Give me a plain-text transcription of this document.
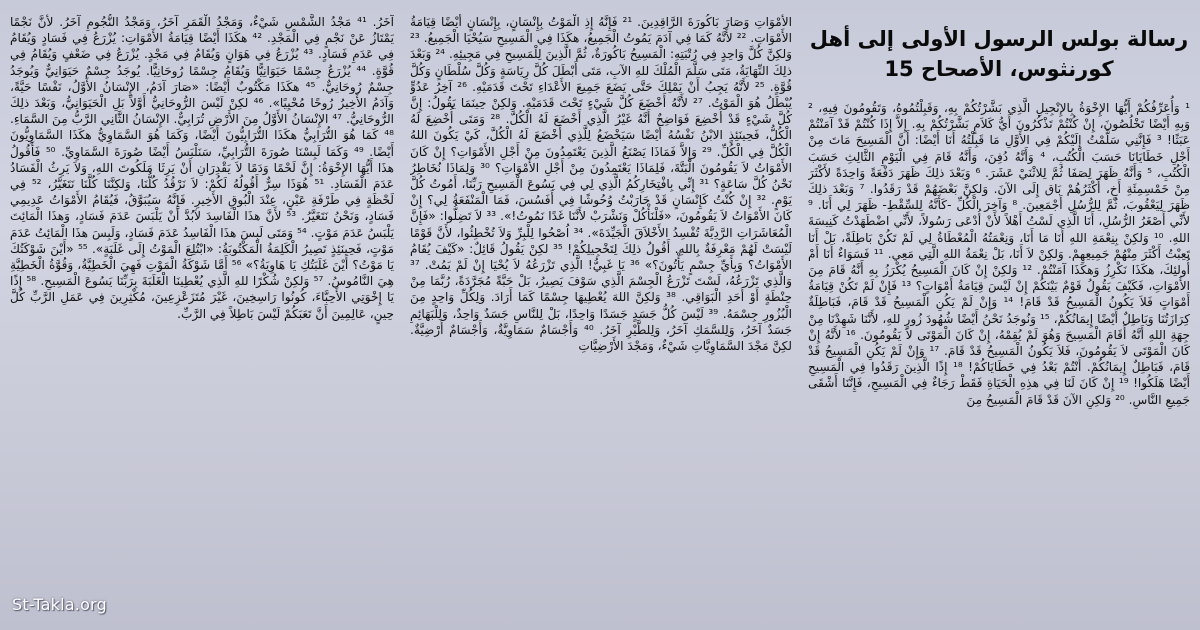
رسالة بولس الرسول الأولى إلى أهل كورنثوس، الأصحاح 15

¹ وَأُعَرِّفُكُمْ أَيُّهَا الإِخْوَةُ بِالإِنْجِيلِ الَّذِي بَشَّرْتُكُمْ بِهِ، وَقَبِلْتُمُوهُ، وَتَقُومُونَ فِيهِ، ² وَبِهِ أَيْضًا تَخْلُصُونَ، إِنْ كُنْتُمْ تَذْكُرُونَ أَيُّ كَلاَمٍ بَشَّرْتُكُمْ بِهِ. إِلاَّ إِذَا كُنْتُمْ قَدْ آمَنْتُمْ عَبَثًا! ³ فَإِنَّنِي سَلَّمْتُ إِلَيْكُمْ فِي الأَوَّلِ مَا قَبِلْتُهُ أَنَا أَيْضًا: أَنَّ الْمَسِيحَ مَاتَ مِنْ أَجْلِ خَطَايَانَا حَسَبَ الْكُتُبِ، ⁴ وَأَنَّهُ دُفِنَ، وَأَنَّهُ قَامَ فِي الْيَوْمِ الثَّالِثِ حَسَبَ الْكُتُبِ، ⁵ وَأَنَّهُ ظَهَرَ لِصَفَا ثُمَّ لِلاثْنَيْ عَشَرَ. ⁶ وَبَعْدَ ذلِكَ ظَهَرَ دَفْعَةً وَاحِدَةً لأَكْثَرَ مِنْ خَمْسِمِئَةِ أَخٍ، أَكْثَرُهُمْ بَاق إِلَى الآنَ. وَلكِنَّ بَعْضَهُمْ قَدْ رَقَدُوا. ⁷ وَبَعْدَ ذلِكَ ظَهَرَ لِيَعْقُوبَ، ثُمَّ لِلرُّسُلِ أَجْمَعِينَ. ⁸ وَآخِرَ الْكُلِّ -كَأَنَّهُ لِلسِّقْطِ- ظَهَرَ لِي أَنَا. ⁹ لأَنِّي أَصْغَرُ الرُّسُلِ، أَنَا الَّذِي لَسْتُ أَهْلاً لأَنْ أُدْعَى رَسُولاً، لأَنِّي اضْطَهَدْتُ كَنِيسَةَ اللهِ. ¹⁰ وَلكِنْ بِنِعْمَةِ اللهِ أَنَا مَا أَنَا، وَنِعْمَتُهُ الْمُعْطَاةُ لِي لَمْ تَكُنْ بَاطِلَةً، بَلْ أَنَا تَعِبْتُ أَكْثَرَ مِنْهُمْ جَمِيعِهِمْ. وَلكِنْ لاَ أَنَا، بَلْ نِعْمَةُ اللهِ الَّتِي مَعِي. ¹¹ فَسَوَاءٌ أَنَا أَمْ أُولئِكَ، هكَذَا نَكْرِزُ وَهكَذَا آمَنْتُمْ. ¹² وَلكِنْ إِنْ كَانَ الْمَسِيحُ يُكْرَزُ بِهِ أَنَّهُ قَامَ مِنَ الأَمْوَاتِ، فَكَيْفَ يَقُولُ قَوْمٌ بَيْنَكُمْ إِنْ لَيْسَ قِيَامَةُ أَمْوَاتٍ؟ ¹³ فَإِنْ لَمْ تَكُنْ قِيَامَةُ أَمْوَاتٍ فَلاَ يَكُونُ الْمَسِيحُ قَدْ قَامَ! ¹⁴ وَإِنْ لَمْ يَكُنِ الْمَسِيحُ قَدْ قَامَ، فَبَاطِلَةٌ كِرَازَتُنَا وَبَاطِلٌ أَيْضًا إِيمَانُكُمْ، ¹⁵ وَنُوجَدُ نَحْنُ أَيْضًا شُهُودَ زُورٍ للهِ، لأَنَّنَا شَهِدْنَا مِنْ جِهَةِ اللهِ أَنَّهُ أَقَامَ الْمَسِيحَ وَهُوَ لَمْ يُقِمْهُ، إِنْ كَانَ الْمَوْتَى لاَ يَقُومُونَ. ¹⁶ لأَنَّهُ إِنْ كَانَ الْمَوْتَى لاَ يَقُومُونَ، فَلاَ يَكُونُ الْمَسِيحُ قَدْ قَامَ. ¹⁷ وَإِنْ لَمْ يَكُنِ الْمَسِيحُ قَدْ قَامَ، فَبَاطِلٌ إِيمَانُكُمْ. أَنْتُمْ بَعْدُ فِي خَطَايَاكُمْ! ¹⁸ إِذًا الَّذِينَ رَقَدُوا فِي الْمَسِيحِ أَيْضًا هَلَكُوا! ¹⁹ إِنْ كَانَ لَنَا فِي هذِهِ الْحَيَاةِ فَقَطْ رَجَاءٌ فِي الْمَسِيحِ، فَإِنَّنَا أَشْقَى جَمِيعِ النَّاسِ. ²⁰ وَلكِنِ الآنَ قَدْ قَامَ الْمَسِيحُ مِنَ

الأَمْوَاتِ وَصَارَ بَاكُورَةَ الرَّاقِدِينَ. ²¹ فَإِنَّهُ إِذِ الْمَوْتُ بِإِنْسَانٍ، بِإِنْسَانٍ أَيْضًا قِيَامَةُ الأَمْوَاتِ. ²² لأَنَّهُ كَمَا فِي آدَمَ يَمُوتُ الْجَمِيعُ، هكَذَا فِي الْمَسِيحِ سَيُحْيَا الْجَمِيعُ. ²³ وَلكِنَّ كُلَّ وَاحِدٍ فِي رُتْبَتِهِ: الْمَسِيحُ بَاكُورَةٌ، ثُمَّ الَّذِينَ لِلْمَسِيحِ فِي مَجِيئِهِ. ²⁴ وَبَعْدَ ذلِكَ النِّهَايَةُ، مَتَى سَلَّمَ الْمُلْكَ للهِ الآبِ، مَتَى أَبْطَلَ كُلَّ رِيَاسَةٍ وَكُلَّ سُلْطَانٍ وَكُلَّ قُوَّةٍ. ²⁵ لأَنَّهُ يَجِبُ أَنْ يَمْلِكَ حَتَّى يَضَعَ جَمِيعَ الأَعْدَاءِ تَحْتَ قَدَمَيْهِ. ²⁶ آخِرُ عَدُوٍّ يُبْطَلُ هُوَ الْمَوْتُ. ²⁷ لأَنَّهُ أَخْضَعَ كُلَّ شَيْءٍ تَحْتَ قَدَمَيْهِ. وَلكِنْ حِينَمَا يَقُولُ: إِنَّ كُلَّ شَيْءٍ قَدْ أُخْضِعَ فَوَاضِحٌ أَنَّهُ غَيْرُ الَّذِي أَخْضَعَ لَهُ الْكُلَّ. ²⁸ وَمَتَى أُخْضِعَ لَهُ الْكُلُّ، فَحِينَئِذٍ الابْنُ نَفْسُهُ أَيْضًا سَيَخْضَعُ لِلَّذِي أَخْضَعَ لَهُ الْكُلَّ، كَيْ يَكُونَ اللهُ الْكُلَّ فِي الْكُلِّ. ²⁹ وَإِلاَّ فَمَاذَا يَصْنَعُ الَّذِينَ يَعْتَمِدُونَ مِنْ أَجْلِ الأَمْوَاتِ؟ إِنْ كَانَ الأَمْوَاتُ لاَ يَقُومُونَ الْبَتَّةَ، فَلِمَاذَا يَعْتَمِدُونَ مِنْ أَجْلِ الأَمْوَاتِ؟ ³⁰ وَلِمَاذَا نُخَاطِرُ نَحْنُ كُلَّ سَاعَةٍ؟ ³¹ إِنِّي بِافْتِخَارِكُمُ الَّذِي لِي فِي يَسُوعَ الْمَسِيحِ رَبِّنَا، أَمُوتُ كُلَّ يَوْمٍ. ³² إِنْ كُنْتُ كَإِنْسَانٍ قَدْ حَارَبْتُ وُحُوشًا فِي أَفَسُسَ، فَمَا الْمَنْفَعَةُ لِي؟ إِنْ كَانَ الأَمْوَاتُ لاَ يَقُومُونَ، «فَلْنَأْكُلْ وَنَشْرَبْ لأَنَّنَا غَدًا نَمُوتُ!». ³³ لاَ تَضِلُّوا: «فَإِنَّ الْمُعَاشَرَاتِ الرَّدِيَّةَ تُفْسِدُ الأَخْلاَقَ الْجَيِّدَةَ». ³⁴ اُصْحُوا لِلْبِرِّ وَلاَ تُخْطِئُوا، لأَنَّ قَوْمًا لَيْسَتْ لَهُمْ مَعْرِفَةٌ بِاللهِ. أَقُولُ ذلِكَ لِتَخْجِيلِكُمْ! ³⁵ لكِنْ يَقُولُ قَائِلٌ: «كَيْفَ يُقَامُ الأَمْوَاتُ؟ وَبِأَيِّ جِسْمٍ يَأْتُونَ؟» ³⁶ يَا غَبِيُّ! الَّذِي تَزْرَعُهُ لاَ يُحْيَا إِنْ لَمْ يَمُتْ. ³⁷ وَالَّذِي تَزْرَعُهُ، لَسْتَ تَزْرَعُ الْجِسْمَ الَّذِي سَوْفَ يَصِيرُ، بَلْ حَبَّةً مُجَرَّدَةً، رُبَّمَا مِنْ حِنْطَةٍ أَوْ أَحَدِ الْبَوَاقِي. ³⁸ وَلكِنَّ اللهَ يُعْطِيهَا جِسْمًا كَمَا أَرَادَ. وَلِكُلِّ وَاحِدٍ مِنَ الْبُزُورِ جِسْمَهُ. ³⁹ لَيْسَ كُلُّ جَسَدٍ جَسَدًا وَاحِدًا، بَلْ لِلنَّاسِ جَسَدٌ وَاحِدٌ، وَلِلْبَهَائِمِ جَسَدٌ آخَرُ، وَلِلسَّمَكِ آخَرُ، وَلِلطَّيْرِ آخَرُ. ⁴⁰ وَأَجْسَامٌ سَمَاوِيَّةٌ، وَأَجْسَامٌ أَرْضِيَّةٌ. لكِنَّ مَجْدَ السَّمَاوِيَّاتِ شَيْءٌ، وَمَجْدَ الأَرْضِيَّاتِ

آخَرُ. ⁴¹ مَجْدُ الشَّمْسِ شَيْءٌ، وَمَجْدُ الْقَمَرِ آخَرُ، وَمَجْدُ النُّجُومِ آخَرُ. لأَنَّ نَجْمًا يَمْتَازُ عَنْ نَجْمٍ فِي الْمَجْدِ. ⁴² هكَذَا أَيْضًا قِيَامَةُ الأَمْوَاتِ: يُزْرَعُ فِي فَسَادٍ وَيُقَامُ فِي عَدَمِ فَسَادٍ. ⁴³ يُزْرَعُ فِي هَوَانٍ وَيُقَامُ فِي مَجْدٍ. يُزْرَعُ فِي ضَعْفٍ وَيُقَامُ فِي قُوَّةٍ. ⁴⁴ يُزْرَعُ جِسْمًا حَيَوَانِيًّا وَيُقَامُ جِسْمًا رُوحَانِيًّا. يُوجَدُ جِسْمٌ حَيَوَانِيٌّ وَيُوجَدُ جِسْمٌ رُوحَانِيٌّ. ⁴⁵ هكَذَا مَكْتُوبٌ أَيْضًا: «صَارَ آدَمُ، الإِنْسَانُ الأَوَّلُ، نَفْسًا حَيَّةً، وَآدَمُ الأَخِيرُ رُوحًا مُحْيِيًا». ⁴⁶ لكِنْ لَيْسَ الرُّوحَانِيُّ أَوَّلاً بَلِ الْحَيَوَانِيُّ، وَبَعْدَ ذلِكَ الرُّوحَانِيُّ. ⁴⁷ الإِنْسَانُ الأَوَّلُ مِنَ الأَرْضِ تُرَابِيٌّ. الإِنْسَانُ الثَّانِي الرَّبُّ مِنَ السَّمَاءِ. ⁴⁸ كَمَا هُوَ التُّرَابِيُّ هكَذَا التُّرَابِيُّونَ أَيْضًا، وَكَمَا هُوَ السَّمَاوِيُّ هكَذَا السَّمَاوِيُّونَ أَيْضًا. ⁴⁹ وَكَمَا لَبِسْنَا صُورَةَ التُّرَابِيِّ، سَنَلْبَسُ أَيْضًا صُورَةَ السَّمَاوِيِّ. ⁵⁰ فَأَقُولُ هذَا أَيُّهَا الإِخْوَةُ: إِنَّ لَحْمًا وَدَمًا لاَ يَقْدِرَانِ أَنْ يَرِثَا مَلَكُوتَ اللهِ، وَلاَ يَرِثُ الْفَسَادُ عَدَمَ الْفَسَادِ. ⁵¹ هُوَذَا سِرٌّ أَقُولُهُ لَكُمْ: لاَ نَرْقُدُ كُلُّنَا، وَلكِنَّنَا كُلَّنَا نَتَغَيَّرُ، ⁵² فِي لَحْظَةٍ فِي طَرْفَةِ عَيْنٍ، عِنْدَ الْبُوقِ الأَخِيرِ. فَإِنَّهُ سَيُبَوَّقُ، فَيُقَامُ الأَمْوَاتُ عَدِيمِي فَسَادٍ، وَنَحْنُ نَتَغَيَّرُ. ⁵³ لأَنَّ هذَا الْفَاسِدَ لاَبُدَّ أَنْ يَلْبَسَ عَدَمَ فَسَادٍ، وَهذَا الْمَائِتَ يَلْبَسُ عَدَمَ مَوْتٍ. ⁵⁴ وَمَتَى لَبِسَ هذَا الْفَاسِدُ عَدَمَ فَسَادٍ، وَلَبِسَ هذَا الْمَائِتُ عَدَمَ مَوْتٍ، فَحِينَئِذٍ تَصِيرُ الْكَلِمَةُ الْمَكْتُوبَةُ: «ابْتُلِعَ الْمَوْتُ إِلَى غَلَبَةٍ». ⁵⁵ «أَيْنَ شَوْكَتُكَ يَا مَوْتُ؟ أَيْنَ غَلَبَتُكِ يَا هَاوِيَةُ؟» ⁵⁶ أَمَّا شَوْكَةُ الْمَوْتِ فَهِيَ الْخَطِيَّةُ، وَقُوَّةُ الْخَطِيَّةِ هِيَ النَّامُوسُ. ⁵⁷ وَلكِنْ شُكْرًا للهِ الَّذِي يُعْطِينَا الْغَلَبَةَ بِرَبِّنَا يَسُوعَ الْمَسِيحِ. ⁵⁸ إِذًا يَا إِخْوَتِي الأَحِبَّاءَ، كُونُوا رَاسِخِينَ، غَيْرَ مُتَزَعْزِعِينَ، مُكْثِرِينَ فِي عَمَلِ الرَّبِّ كُلَّ حِينٍ، عَالِمِينَ أَنَّ تَعَبَكُمْ لَيْسَ بَاطِلاً فِي الرَّبِّ.

St-Takla.org
